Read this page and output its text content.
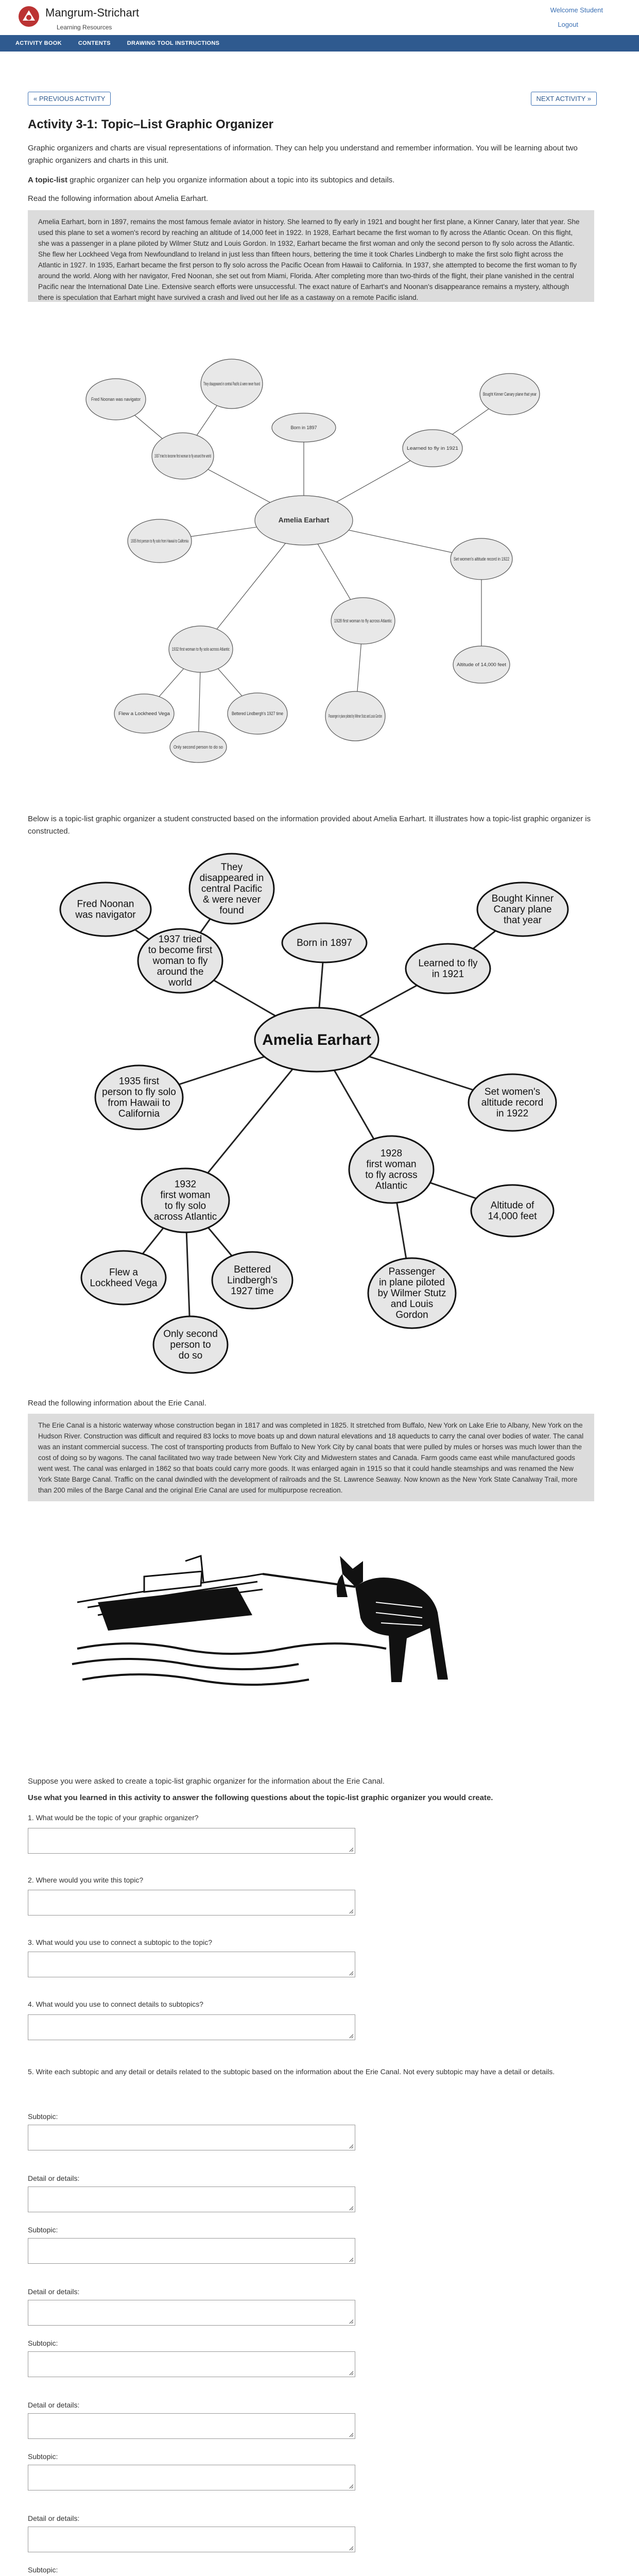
Mangrum-Strichart
Learning Resources
Welcome Student
Logout
ACTIVITY BOOK	CONTENTS	DRAWING TOOL INSTRUCTIONS
« PREVIOUS ACTIVITY	NEXT ACTIVITY »
Activity 3-1: Topic–List Graphic Organizer
Graphic organizers and charts are visual representations of information. They can help you understand and remember information. You will be learning about two graphic organizers and charts in this unit.
A topic-list graphic organizer can help you organize information about a topic into its subtopics and details.
Read the following information about Amelia Earhart.
Amelia Earhart, born in 1897, remains the most famous female aviator in history. She learned to fly early in 1921 and bought her first plane, a Kinner Canary, later that year. She used this plane to set a women's record by reaching an altitude of 14,000 feet in 1922. In 1928, Earhart became the first woman to fly across the Atlantic Ocean. On this flight, she was a passenger in a plane piloted by Wilmer Stutz and Louis Gordon. In 1932, Earhart became the first woman and only the second person to fly solo across the Atlantic. She flew her Lockheed Vega from Newfoundland to Ireland in just less than fifteen hours, bettering the time it took Charles Lindbergh to make the first solo flight across the Atlantic in 1927. In 1935, Earhart became the first person to fly solo across the Pacific Ocean from Hawaii to California. In 1937, she attempted to become the first woman to fly around the world. Along with her navigator, Fred Noonan, she set out from Miami, Florida. After completing more than two-thirds of the flight, their plane vanished in the central Pacific near the International Date Line. Extensive search efforts were unsuccessful. The exact nature of Earhart's and Noonan's disappearance remains a mystery, although there is speculation that Earhart might have survived a crash and lived out her life as a castaway on a remote Pacific island.
Amelia Earhart
Fred Noonan was navigator
They disappeared in central Pacific & were never found
1937 tried to become first woman to fly around the world
Born in 1897
Bought Kinner Canary plane that year
Learned to fly in 1921
1935 first person to fly solo from Hawaii to California
Set women's altitude record in 1922
1928 first woman to fly across Atlantic
Altitude of 14,000 feet
1932 first woman to fly solo across Atlantic
Passenger in plane piloted by Wilmer Stutz and Louis Gordon
Flew a Lockheed Vega	Bettered Lindbergh's 1927 time
Only second person to do so
Below is a topic-list graphic organizer a student constructed based on the information provided about Amelia Earhart. It illustrates how a topic-list graphic organizer is constructed.
Amelia Earhart
Fred Noonan
was navigator
They
disappeared in
central Pacific
& were never
found
1937 tried
to become first
woman to fly
around the
world
Born in 1897
Bought Kinner
Canary plane
that year
Learned to fly
in 1921
1935 first
person to fly solo
from Hawaii to
California
Set women's
altitude record
in 1922
1928
first woman
to fly across
Atlantic
Altitude of
14,000 feet
1932
first woman
to fly solo
across Atlantic
Passenger
in plane piloted
by Wilmer Stutz
and Louis
Gordon
Flew a
Lockheed Vega
Bettered
Lindbergh's
1927 time
Only second
person to
do so
Read the following information about the Erie Canal.
The Erie Canal is a historic waterway whose construction began in 1817 and was completed in 1825. It stretched from Buffalo, New York on Lake Erie to Albany, New York on the Hudson River. Construction was difficult and required 83 locks to move boats up and down natural elevations and 18 aqueducts to carry the canal over bodies of water. The canal was an instant commercial success. The cost of transporting products from Buffalo to New York City by canal boats that were pulled by mules or horses was much lower than the cost of doing so by wagons. The canal facilitated two way trade between New York City and Midwestern states and Canada. Farm goods came east while manufactured goods went west. The canal was enlarged in 1862 so that boats could carry more goods. It was enlarged again in 1915 so that it could handle steamships and was renamed the New York State Barge Canal. Traffic on the canal dwindled with the development of railroads and the St. Lawrence Seaway. Now known as the New York State Canalway Trail, more than 200 miles of the Barge Canal and the original Erie Canal are used for multipurpose recreation.
Suppose you were asked to create a topic-list graphic organizer for the information about the Erie Canal.
Use what you learned in this activity to answer the following questions about the topic-list graphic organizer you would create.
1. What would be the topic of your graphic organizer?
2. Where would you write this topic?
3. What would you use to connect a subtopic to the topic?
4. What would you use to connect details to subtopics?
5. Write each subtopic and any detail or details related to the subtopic based on the information about the Erie Canal. Not every subtopic may have a detail or details.
Subtopic:
Detail or details:
Subtopic:
Detail or details:
Subtopic:
Detail or details:
Subtopic:
Detail or details:
Subtopic:
